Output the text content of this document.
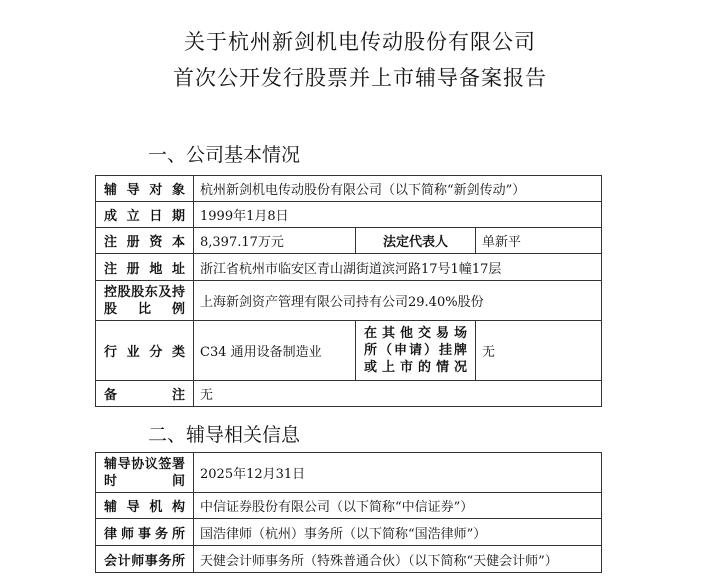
关于杭州新剑机电传动股份有限公司
首次公开发行股票并上市辅导备案报告
一、公司基本情况
辅导对象	杭州新剑机电传动股份有限公司（以下简称“新剑传动”）		
成立日期	1999年1月8日		
注册资本	8,397.17万元	法定代表人	单新平
注册地址	浙江省杭州市临安区青山湖街道滨河路17号1幢17层		

控股股东及持
股比例	上海新剑资产管理有限公司持有公司29.40%股份		
行业分类	C34 通用设备制造业	在其他交易场
所（申请）挂牌
或上市的情况	无
备注	无		
二、辅导相关信息
辅导协议签署
时间	2025年12月31日
辅导机构	中信证券股份有限公司（以下简称“中信证券”）
律师事务所	国浩律师（杭州）事务所（以下简称“国浩律师”）
会计师事务所	天健会计师事务所（特殊普通合伙）（以下简称“天健会计师”）
